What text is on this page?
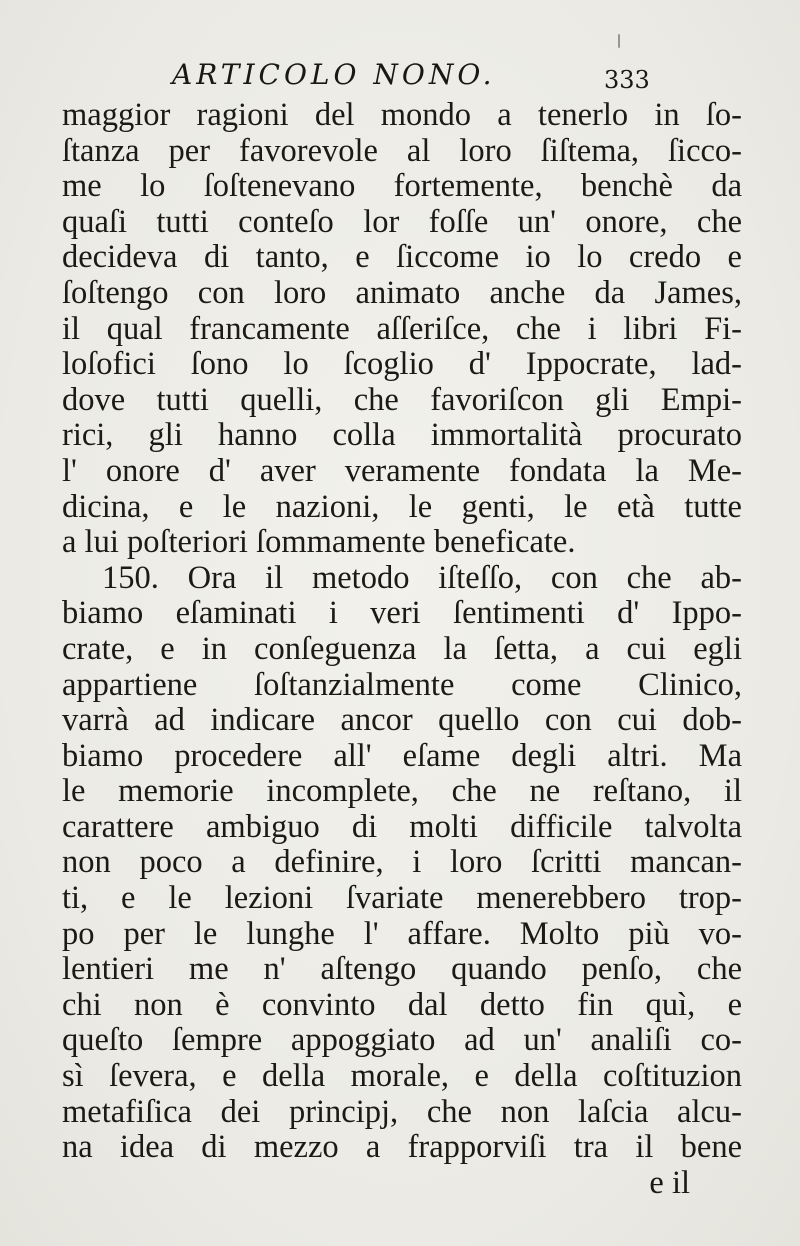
ARTICOLO NONO.	333
maggior ragioni del mondo a tenerlo in ſo-
ſtanza per favorevole al loro ſiſtema, ſicco-
me lo ſoſtenevano fortemente, benchè da
quaſi tutti conteſo lor foſſe un' onore, che
decideva di tanto, e ſiccome io lo credo e
ſoſtengo con loro animato anche da James,
il qual francamente aſſeriſce, che i libri Fi-
loſofici ſono lo ſcoglio d' Ippocrate, lad-
dove tutti quelli, che favoriſcon gli Empi-
rici, gli hanno colla immortalità procurato
l' onore d' aver veramente fondata la Me-
dicina, e le nazioni, le genti, le età tutte
a lui poſteriori ſommamente beneficate.
150. Ora il metodo iſteſſo, con che ab-
biamo eſaminati i veri ſentimenti d' Ippo-
crate, e in conſeguenza la ſetta, a cui egli
appartiene ſoſtanzialmente come Clinico,
varrà ad indicare ancor quello con cui dob-
biamo procedere all' eſame degli altri. Ma
le memorie incomplete, che ne reſtano, il
carattere ambiguo di molti difficile talvolta
non poco a definire, i loro ſcritti mancan-
ti, e le lezioni ſvariate menerebbero trop-
po per le lunghe l' affare. Molto più vo-
lentieri me n' aſtengo quando penſo, che
chi non è convinto dal detto fin quì, e
queſto ſempre appoggiato ad un' analiſi co-
sì ſevera, e della morale, e della coſtituzion
metafiſica dei principj, che non laſcia alcu-
na idea di mezzo a frapporviſi tra il bene
e il
